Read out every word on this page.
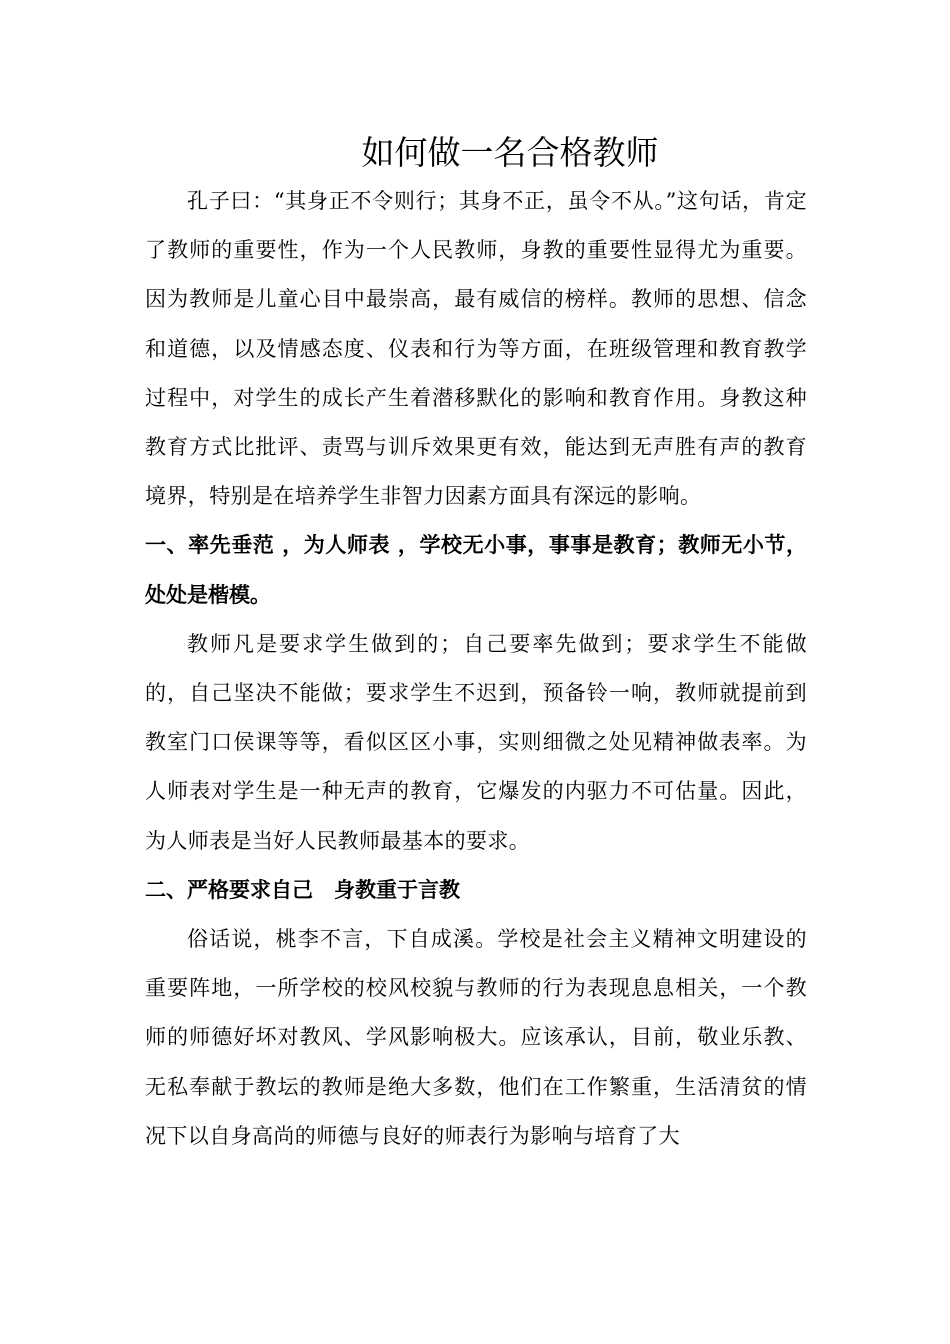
如何做一名合格教师

孔子曰：“其身正不令则行；其身不正，虽令不从。”这句话，肯定了教师的重要性，作为一个人民教师，身教的重要性显得尤为重要。因为教师是儿童心目中最崇高，最有威信的榜样。教师的思想、信念和道德，以及情感态度、仪表和行为等方面，在班级管理和教育教学过程中，对学生的成长产生着潜移默化的影响和教育作用。身教这种教育方式比批评、责骂与训斥效果更有效，能达到无声胜有声的教育境界，特别是在培养学生非智力因素方面具有深远的影响。

一、率先垂范 ，为人师表 ，学校无小事，事事是教育；教师无小节，处处是楷模。

教师凡是要求学生做到的；自己要率先做到；要求学生不能做的，自己坚决不能做；要求学生不迟到，预备铃一响，教师就提前到教室门口侯课等等，看似区区小事，实则细微之处见精神做表率。为人师表对学生是一种无声的教育，它爆发的内驱力不可估量。因此，为人师表是当好人民教师最基本的要求。

二、严格要求自己　身教重于言教

俗话说，桃李不言，下自成溪。学校是社会主义精神文明建设的重要阵地，一所学校的校风校貌与教师的行为表现息息相关，一个教师的师德好坏对教风、学风影响极大。应该承认，目前，敬业乐教、无私奉献于教坛的教师是绝大多数，他们在工作繁重，生活清贫的情况下以自身高尚的师德与良好的师表行为影响与培育了大
